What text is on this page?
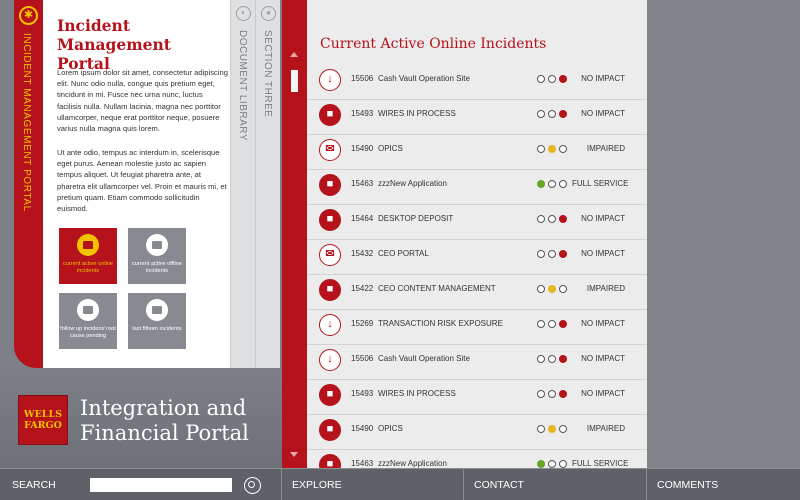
✱
INCIDENT MANAGEMENT PORTAL
Incident Management Portal
Lorem ipsum dolor sit amet, consectetur adipiscing elit. Nunc odio nulla, congue quis pretium eget, tincidunt in mi. Fusce nec urna nunc, luctus facilisis nulla. Nullam lacinia, magna nec porttitor ullamcorper, neque erat porttitor neque, posuere varius nulla magna quis lorem.
Ut ante odio, tempus ac interdum in, scelerisque eget purus. Aenean molestie justo ac sapien tempus aliquet. Ut feugiat pharetra ante, at pharetra elit ullamcorper vel. Proin et mauris mi, et pretium quam. Etiam commodo sollicitudin euismod.
current active online incidents
current active offline incidents
follow up incident/ root cause pending
last fifteen incidents
◐
DOCUMENT LIBRARY
●
SECTION THREE
WELLS
FARGO
Integration and
Financial Portal
Current Active Online Incidents
↓	15506 Cash Vault Operation Site	NO IMPACT
■	15493 WIRES IN PROCESS	NO IMPACT
✉	15490 OPICS	IMPAIRED
■	15463 zzzNew Application	FULL SERVICE
■	15464 DESKTOP DEPOSIT	NO IMPACT
✉	15432 CEO PORTAL	NO IMPACT
■	15422 CEO CONTENT MANAGEMENT	IMPAIRED
↓	15269 TRANSACTION RISK EXPOSURE	NO IMPACT
↓	15506 Cash Vault Operation Site	NO IMPACT
■	15493 WIRES IN PROCESS	NO IMPACT
■	15490 OPICS	IMPAIRED
■	15463 zzzNew Application	FULL SERVICE
SEARCH	EXPLORE	CONTACT	COMMENTS
